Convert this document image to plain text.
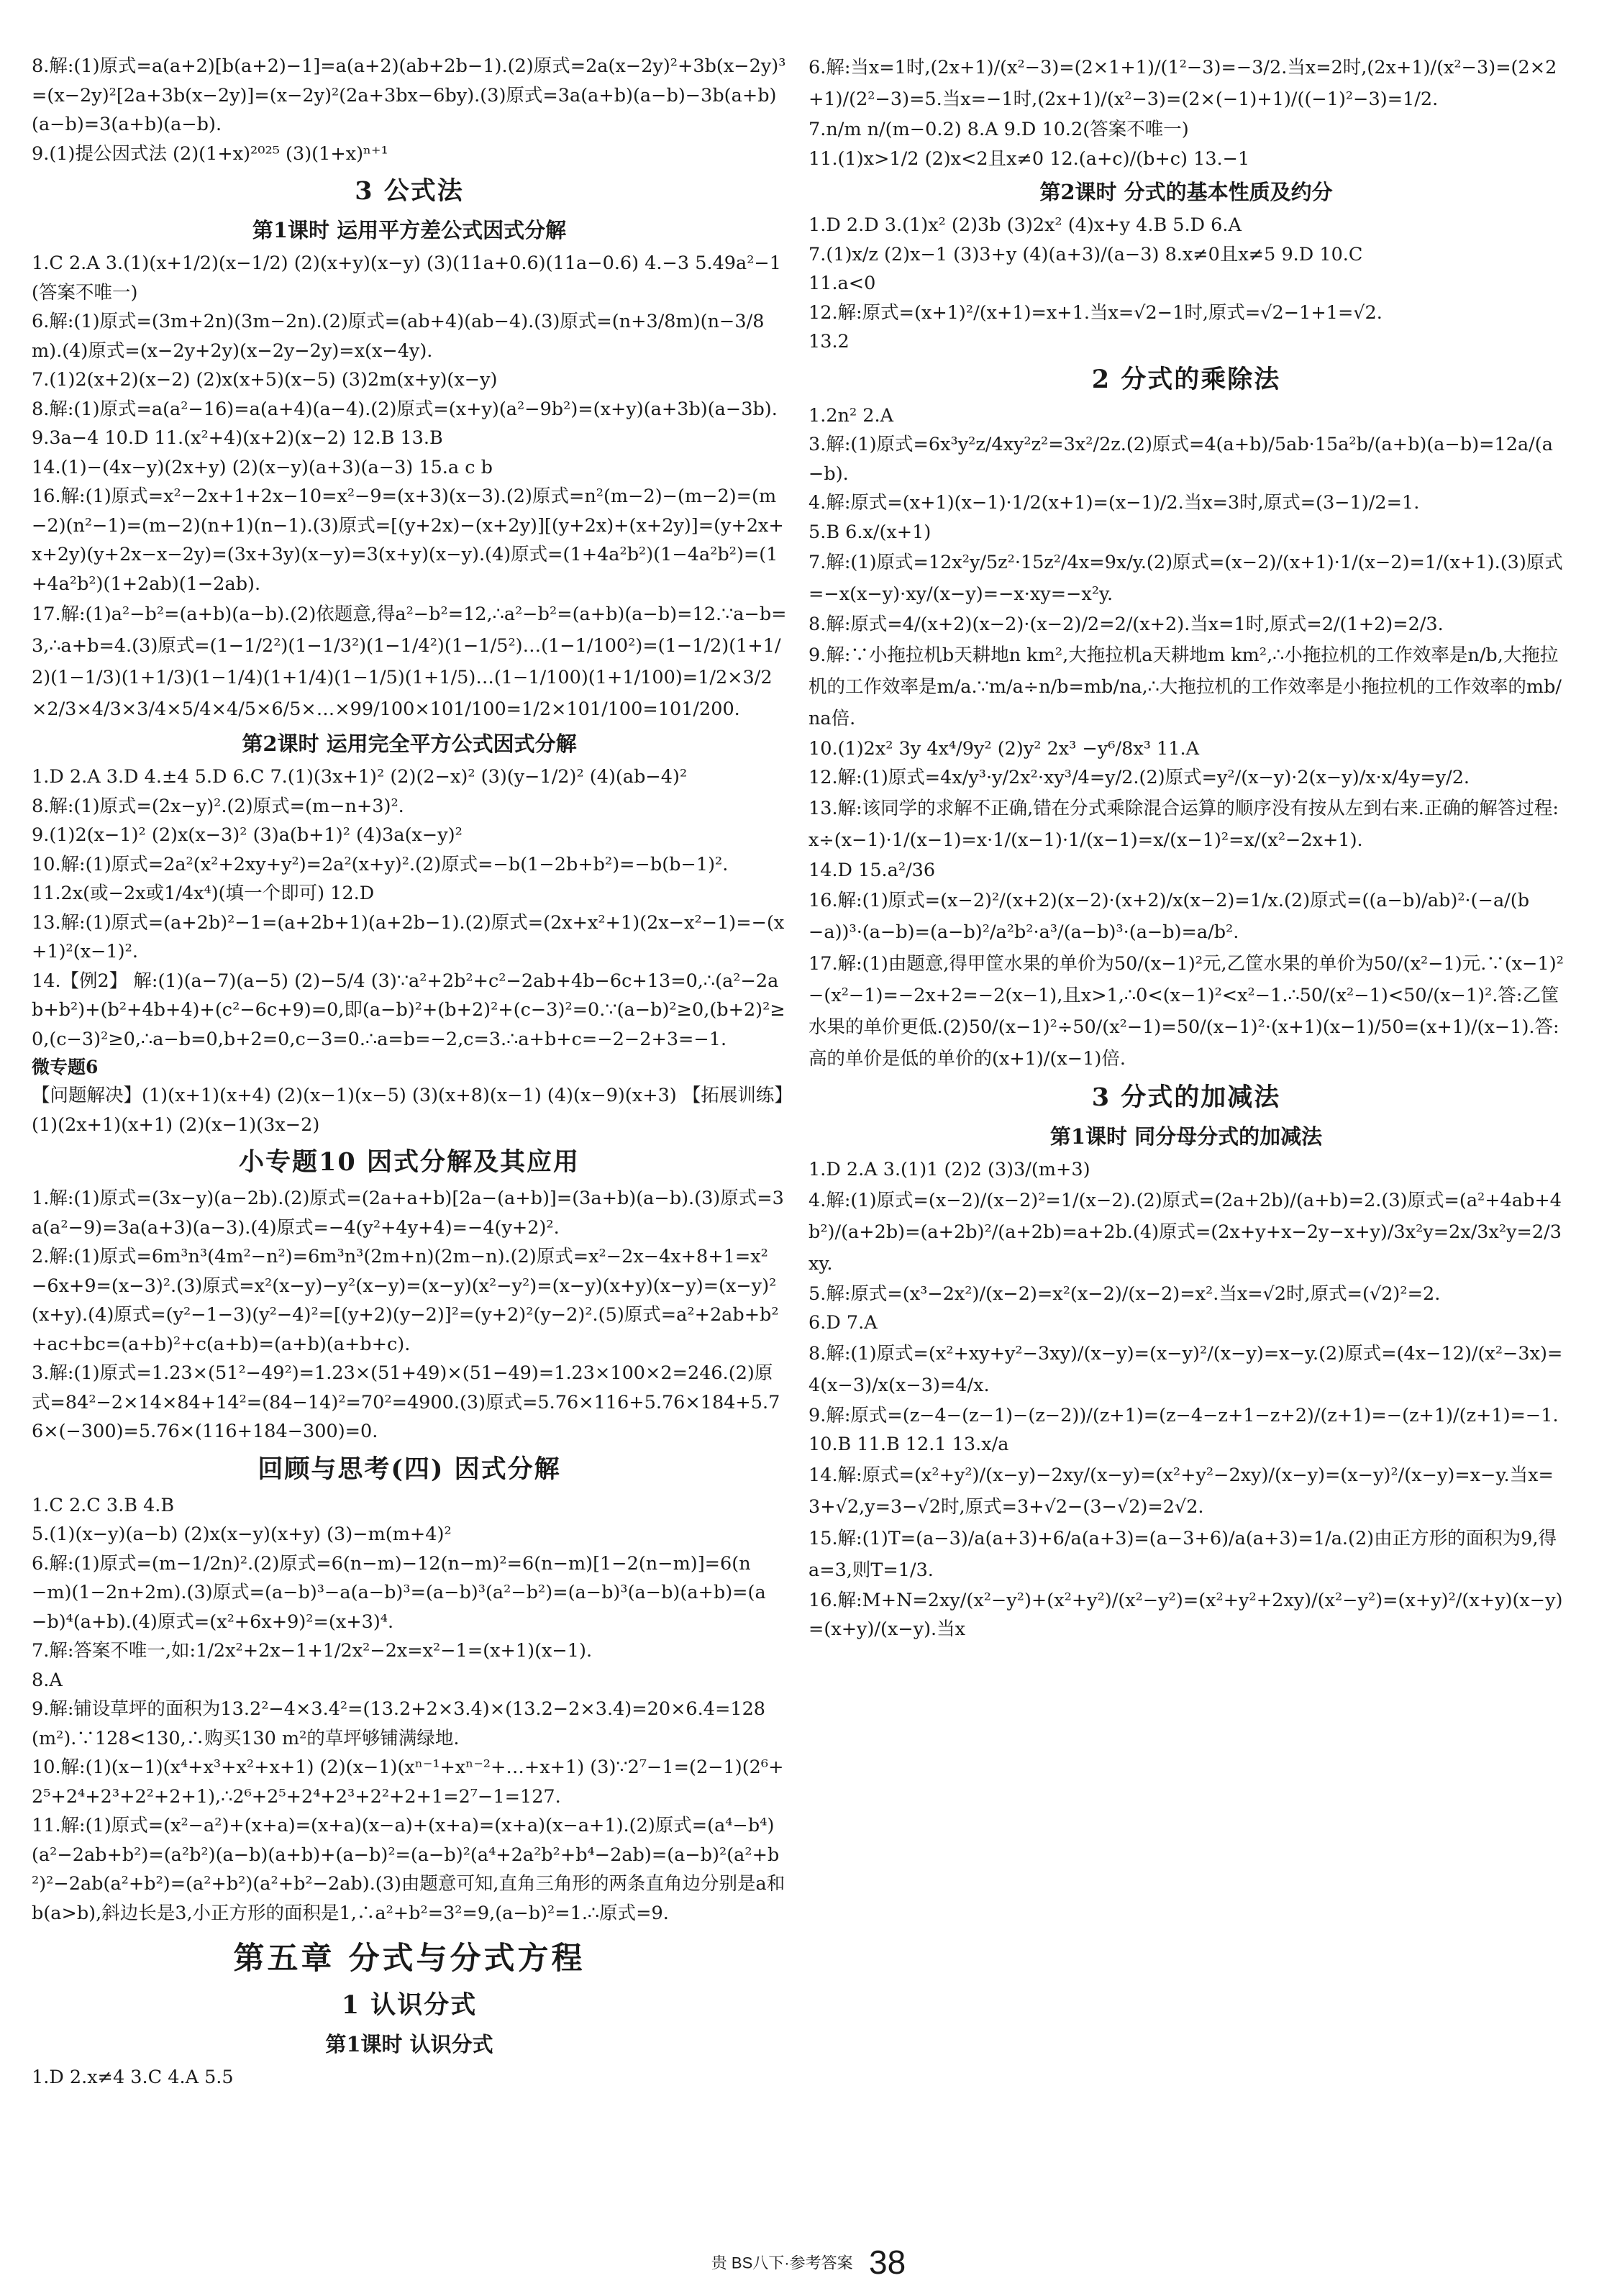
8.解:(1)原式=a(a+2)[b(a+2)−1]=a(a+2)(ab+2b−1).(2)原式=2a(x−2y)²+3b(x−2y)³=(x−2y)²[2a+3b(x−2y)]=(x−2y)²(2a+3bx−6by).(3)原式=3a(a+b)(a−b)−3b(a+b)(a−b)=3(a+b)(a−b).

9.(1)提公因式法 (2)(1+x)²⁰²⁵ (3)(1+x)ⁿ⁺¹

3 公式法
第1课时 运用平方差公式因式分解

1.C 2.A 3.(1)(x+1/2)(x−1/2) (2)(x+y)(x−y) (3)(11a+0.6)(11a−0.6) 4.−3 5.49a²−1(答案不唯一)

6.解:(1)原式=(3m+2n)(3m−2n).(2)原式=(ab+4)(ab−4).(3)原式=(n+3/8m)(n−3/8m).(4)原式=(x−2y+2y)(x−2y−2y)=x(x−4y).

7.(1)2(x+2)(x−2) (2)x(x+5)(x−5) (3)2m(x+y)(x−y)

8.解:(1)原式=a(a²−16)=a(a+4)(a−4).(2)原式=(x+y)(a²−9b²)=(x+y)(a+3b)(a−3b).

9.3a−4 10.D 11.(x²+4)(x+2)(x−2) 12.B 13.B

14.(1)−(4x−y)(2x+y) (2)(x−y)(a+3)(a−3) 15.a c b

16.解:(1)原式=x²−2x+1+2x−10=x²−9=(x+3)(x−3).(2)原式=n²(m−2)−(m−2)=(m−2)(n²−1)=(m−2)(n+1)(n−1).(3)原式=[(y+2x)−(x+2y)][(y+2x)+(x+2y)]=(y+2x+x+2y)(y+2x−x−2y)=(3x+3y)(x−y)=3(x+y)(x−y).(4)原式=(1+4a²b²)(1−4a²b²)=(1+4a²b²)(1+2ab)(1−2ab).

17.解:(1)a²−b²=(a+b)(a−b).(2)依题意,得a²−b²=12,∴a²−b²=(a+b)(a−b)=12.∵a−b=3,∴a+b=4.(3)原式=(1−1/2²)(1−1/3²)(1−1/4²)(1−1/5²)…(1−1/100²)=(1−1/2)(1+1/2)(1−1/3)(1+1/3)(1−1/4)(1+1/4)(1−1/5)(1+1/5)…(1−1/100)(1+1/100)=1/2×3/2×2/3×4/3×3/4×5/4×4/5×6/5×…×99/100×101/100=1/2×101/100=101/200.

第2课时 运用完全平方公式因式分解

1.D 2.A 3.D 4.±4 5.D 6.C 7.(1)(3x+1)² (2)(2−x)² (3)(y−1/2)² (4)(ab−4)²

8.解:(1)原式=(2x−y)².(2)原式=(m−n+3)².

9.(1)2(x−1)² (2)x(x−3)² (3)a(b+1)² (4)3a(x−y)²

10.解:(1)原式=2a²(x²+2xy+y²)=2a²(x+y)².(2)原式=−b(1−2b+b²)=−b(b−1)².

11.2x(或−2x或1/4x⁴)(填一个即可) 12.D

13.解:(1)原式=(a+2b)²−1=(a+2b+1)(a+2b−1).(2)原式=(2x+x²+1)(2x−x²−1)=−(x+1)²(x−1)².

14.【例2】 解:(1)(a−7)(a−5) (2)−5/4 (3)∵a²+2b²+c²−2ab+4b−6c+13=0,∴(a²−2ab+b²)+(b²+4b+4)+(c²−6c+9)=0,即(a−b)²+(b+2)²+(c−3)²=0.∵(a−b)²≥0,(b+2)²≥0,(c−3)²≥0,∴a−b=0,b+2=0,c−3=0.∴a=b=−2,c=3.∴a+b+c=−2−2+3=−1.

微专题6

【问题解决】(1)(x+1)(x+4) (2)(x−1)(x−5) (3)(x+8)(x−1) (4)(x−9)(x+3) 【拓展训练】(1)(2x+1)(x+1) (2)(x−1)(3x−2)

小专题10 因式分解及其应用

1.解:(1)原式=(3x−y)(a−2b).(2)原式=(2a+a+b)[2a−(a+b)]=(3a+b)(a−b).(3)原式=3a(a²−9)=3a(a+3)(a−3).(4)原式=−4(y²+4y+4)=−4(y+2)².

2.解:(1)原式=6m³n³(4m²−n²)=6m³n³(2m+n)(2m−n).(2)原式=x²−2x−4x+8+1=x²−6x+9=(x−3)².(3)原式=x²(x−y)−y²(x−y)=(x−y)(x²−y²)=(x−y)(x+y)(x−y)=(x−y)²(x+y).(4)原式=(y²−1−3)(y²−4)²=[(y+2)(y−2)]²=(y+2)²(y−2)².(5)原式=a²+2ab+b²+ac+bc=(a+b)²+c(a+b)=(a+b)(a+b+c).

3.解:(1)原式=1.23×(51²−49²)=1.23×(51+49)×(51−49)=1.23×100×2=246.(2)原式=84²−2×14×84+14²=(84−14)²=70²=4900.(3)原式=5.76×116+5.76×184+5.76×(−300)=5.76×(116+184−300)=0.

回顾与思考(四) 因式分解

1.C 2.C 3.B 4.B

5.(1)(x−y)(a−b) (2)x(x−y)(x+y) (3)−m(m+4)²

6.解:(1)原式=(m−1/2n)².(2)原式=6(n−m)−12(n−m)²=6(n−m)[1−2(n−m)]=6(n−m)(1−2n+2m).(3)原式=(a−b)³−a(a−b)³=(a−b)³(a²−b²)=(a−b)³(a−b)(a+b)=(a−b)⁴(a+b).(4)原式=(x²+6x+9)²=(x+3)⁴.

7.解:答案不唯一,如:1/2x²+2x−1+1/2x²−2x=x²−1=(x+1)(x−1).

8.A

9.解:铺设草坪的面积为13.2²−4×3.4²=(13.2+2×3.4)×(13.2−2×3.4)=20×6.4=128(m²).∵128<130,∴购买130 m²的草坪够铺满绿地.

10.解:(1)(x−1)(x⁴+x³+x²+x+1) (2)(x−1)(xⁿ⁻¹+xⁿ⁻²+…+x+1) (3)∵2⁷−1=(2−1)(2⁶+2⁵+2⁴+2³+2²+2+1),∴2⁶+2⁵+2⁴+2³+2²+2+1=2⁷−1=127.

11.解:(1)原式=(x²−a²)+(x+a)=(x+a)(x−a)+(x+a)=(x+a)(x−a+1).(2)原式=(a⁴−b⁴)(a²−2ab+b²)=(a²b²)(a−b)(a+b)+(a−b)²=(a−b)²(a⁴+2a²b²+b⁴−2ab)=(a−b)²(a²+b²)²−2ab(a²+b²)=(a²+b²)(a²+b²−2ab).(3)由题意可知,直角三角形的两条直角边分别是a和b(a>b),斜边长是3,小正方形的面积是1,∴a²+b²=3²=9,(a−b)²=1.∴原式=9.

第五章 分式与分式方程
1 认识分式
第1课时 认识分式

1.D 2.x≠4 3.C 4.A 5.5

6.解:当x=1时,(2x+1)/(x²−3)=(2×1+1)/(1²−3)=−3/2.当x=2时,(2x+1)/(x²−3)=(2×2+1)/(2²−3)=5.当x=−1时,(2x+1)/(x²−3)=(2×(−1)+1)/((−1)²−3)=1/2.

7.n/m n/(m−0.2) 8.A 9.D 10.2(答案不唯一)

11.(1)x>1/2 (2)x<2且x≠0 12.(a+c)/(b+c) 13.−1

第2课时 分式的基本性质及约分

1.D 2.D 3.(1)x² (2)3b (3)2x² (4)x+y 4.B 5.D 6.A

7.(1)x/z (2)x−1 (3)3+y (4)(a+3)/(a−3) 8.x≠0且x≠5 9.D 10.C

11.a<0

12.解:原式=(x+1)²/(x+1)=x+1.当x=√2−1时,原式=√2−1+1=√2.

13.2

2 分式的乘除法

1.2n² 2.A

3.解:(1)原式=6x³y²z/4xy²z²=3x²/2z.(2)原式=4(a+b)/5ab·15a²b/(a+b)(a−b)=12a/(a−b).

4.解:原式=(x+1)(x−1)·1/2(x+1)=(x−1)/2.当x=3时,原式=(3−1)/2=1.

5.B 6.x/(x+1)

7.解:(1)原式=12x²y/5z²·15z²/4x=9x/y.(2)原式=(x−2)/(x+1)·1/(x−2)=1/(x+1).(3)原式=−x(x−y)·xy/(x−y)=−x·xy=−x²y.

8.解:原式=4/(x+2)(x−2)·(x−2)/2=2/(x+2).当x=1时,原式=2/(1+2)=2/3.

9.解:∵小拖拉机b天耕地n km²,大拖拉机a天耕地m km²,∴小拖拉机的工作效率是n/b,大拖拉机的工作效率是m/a.∵m/a÷n/b=mb/na,∴大拖拉机的工作效率是小拖拉机的工作效率的mb/na倍.

10.(1)2x² 3y 4x⁴/9y² (2)y² 2x³ −y⁶/8x³ 11.A

12.解:(1)原式=4x/y³·y/2x²·xy³/4=y/2.(2)原式=y²/(x−y)·2(x−y)/x·x/4y=y/2.

13.解:该同学的求解不正确,错在分式乘除混合运算的顺序没有按从左到右来.正确的解答过程:x÷(x−1)·1/(x−1)=x·1/(x−1)·1/(x−1)=x/(x−1)²=x/(x²−2x+1).

14.D 15.a²/36

16.解:(1)原式=(x−2)²/(x+2)(x−2)·(x+2)/x(x−2)=1/x.(2)原式=((a−b)/ab)²·(−a/(b−a))³·(a−b)=(a−b)²/a²b²·a³/(a−b)³·(a−b)=a/b².

17.解:(1)由题意,得甲筐水果的单价为50/(x−1)²元,乙筐水果的单价为50/(x²−1)元.∵(x−1)²−(x²−1)=−2x+2=−2(x−1),且x>1,∴0<(x−1)²<x²−1.∴50/(x²−1)<50/(x−1)².答:乙筐水果的单价更低.(2)50/(x−1)²÷50/(x²−1)=50/(x−1)²·(x+1)(x−1)/50=(x+1)/(x−1).答:高的单价是低的单价的(x+1)/(x−1)倍.

3 分式的加减法
第1课时 同分母分式的加减法

1.D 2.A 3.(1)1 (2)2 (3)3/(m+3)

4.解:(1)原式=(x−2)/(x−2)²=1/(x−2).(2)原式=(2a+2b)/(a+b)=2.(3)原式=(a²+4ab+4b²)/(a+2b)=(a+2b)²/(a+2b)=a+2b.(4)原式=(2x+y+x−2y−x+y)/3x²y=2x/3x²y=2/3xy.

5.解:原式=(x³−2x²)/(x−2)=x²(x−2)/(x−2)=x².当x=√2时,原式=(√2)²=2.

6.D 7.A

8.解:(1)原式=(x²+xy+y²−3xy)/(x−y)=(x−y)²/(x−y)=x−y.(2)原式=(4x−12)/(x²−3x)=4(x−3)/x(x−3)=4/x.

9.解:原式=(z−4−(z−1)−(z−2))/(z+1)=(z−4−z+1−z+2)/(z+1)=−(z+1)/(z+1)=−1.

10.B 11.B 12.1 13.x/a

14.解:原式=(x²+y²)/(x−y)−2xy/(x−y)=(x²+y²−2xy)/(x−y)=(x−y)²/(x−y)=x−y.当x=3+√2,y=3−√2时,原式=3+√2−(3−√2)=2√2.

15.解:(1)T=(a−3)/a(a+3)+6/a(a+3)=(a−3+6)/a(a+3)=1/a.(2)由正方形的面积为9,得a=3,则T=1/3.

16.解:M+N=2xy/(x²−y²)+(x²+y²)/(x²−y²)=(x²+y²+2xy)/(x²−y²)=(x+y)²/(x+y)(x−y)=(x+y)/(x−y).当x

贵 BS八下·参考答案 38
